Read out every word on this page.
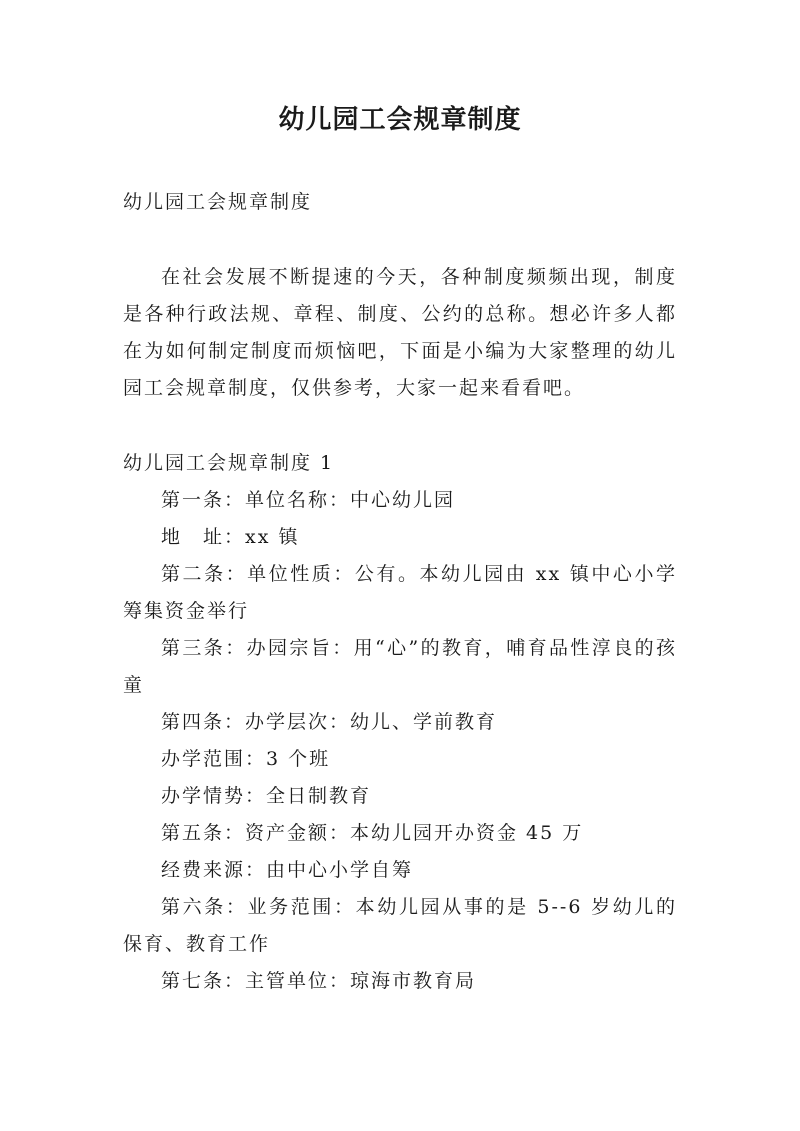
幼儿园工会规章制度

幼儿园工会规章制度

在社会发展不断提速的今天，各种制度频频出现，制度是各种行政法规、章程、制度、公约的总称。想必许多人都在为如何制定制度而烦恼吧，下面是小编为大家整理的幼儿园工会规章制度，仅供参考，大家一起来看看吧。

幼儿园工会规章制度 1

第一条：单位名称：中心幼儿园

地　址：xx 镇

第二条：单位性质：公有。本幼儿园由 xx 镇中心小学筹集资金举行

第三条：办园宗旨：用“心”的教育，哺育品性淳良的孩童

第四条：办学层次：幼儿、学前教育

办学范围：3 个班

办学情势：全日制教育

第五条：资产金额：本幼儿园开办资金 45 万

经费来源：由中心小学自筹

第六条：业务范围：本幼儿园从事的是 5--6 岁幼儿的保育、教育工作

第七条：主管单位：琼海市教育局
